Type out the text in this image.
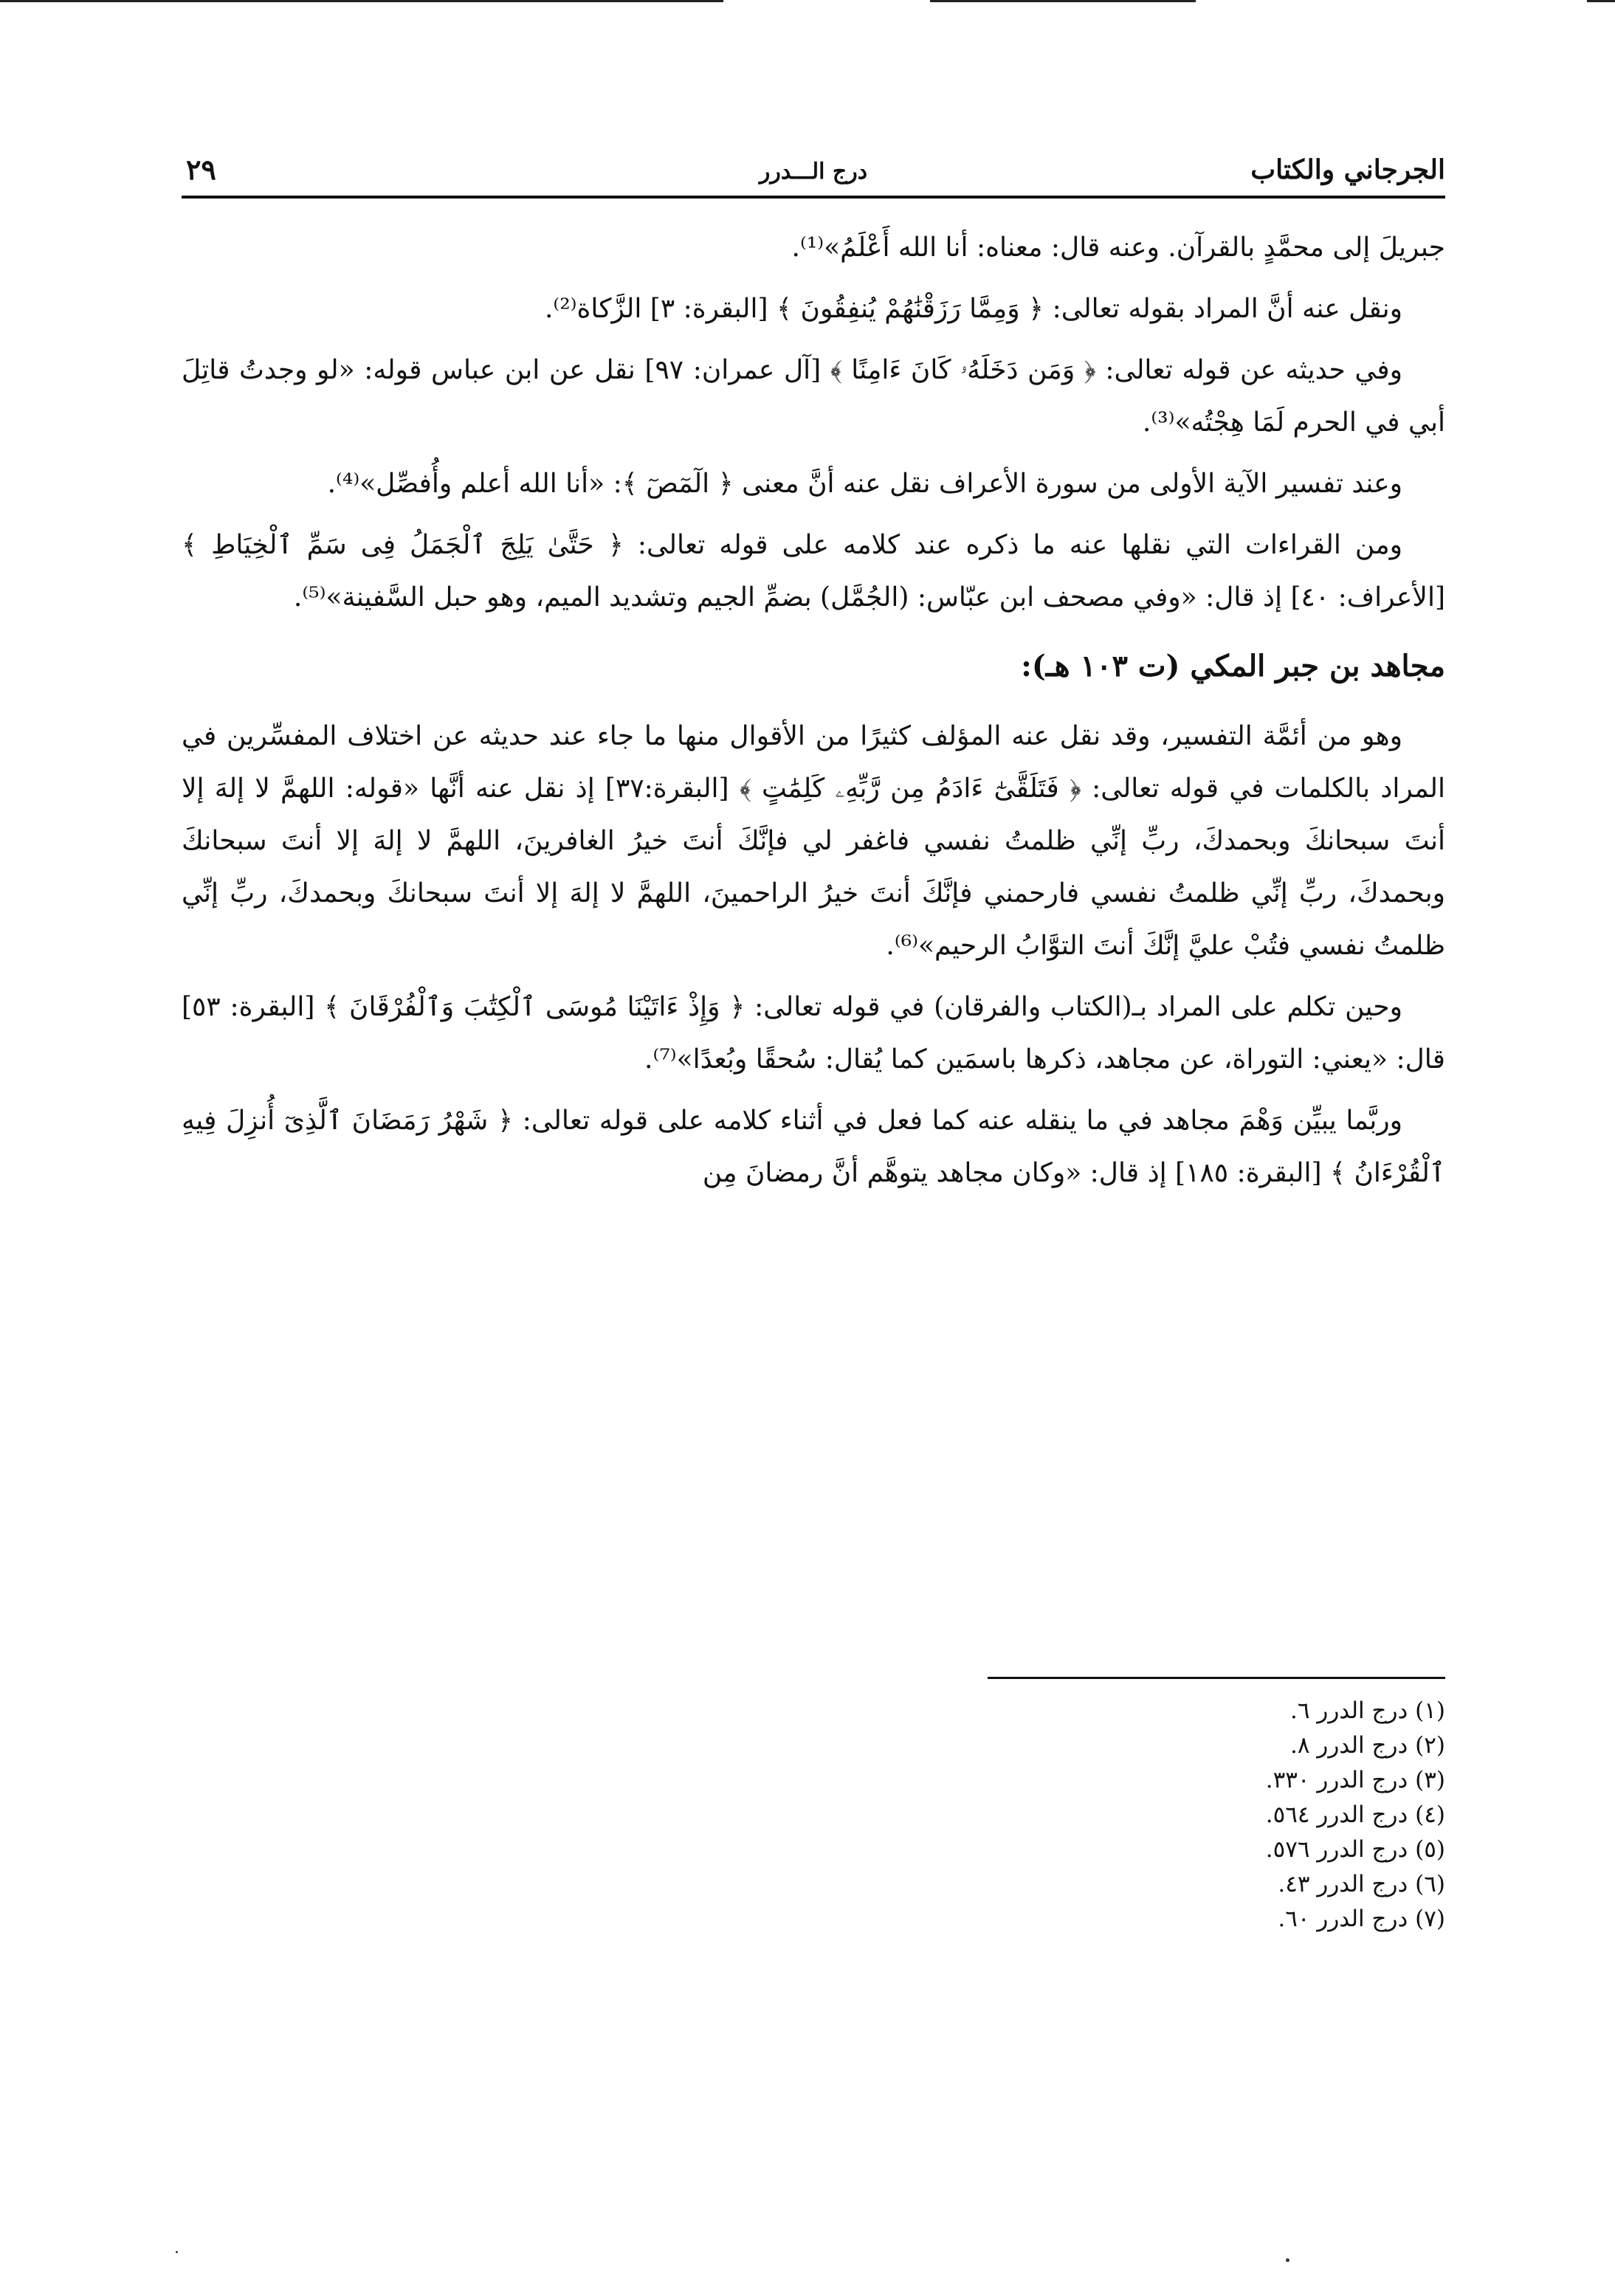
الجرجاني والكتاب
درج الـــدرر
٢٩

جبريلَ إلى محمَّدٍ بالقرآن. وعنه قال: معناه: أنا الله أَعْلَمُ»⁽¹⁾.

ونقل عنه أنَّ المراد بقوله تعالى: ﴿ وَمِمَّا رَزَقْنَٰهُمْ يُنفِقُونَ ﴾ [البقرة: ٣] الزَّكاة⁽²⁾.

وفي حديثه عن قوله تعالى: ﴿ وَمَن دَخَلَهُۥ كَانَ ءَامِنًا ﴾ [آل عمران: ٩٧] نقل عن ابن عباس قوله: «لو وجدتُ قاتِلَ أبي في الحرم لَمَا هِجْتُه»⁽³⁾.

وعند تفسير الآية الأولى من سورة الأعراف نقل عنه أنَّ معنى ﴿ الٓمٓصٓ ﴾: «أنا الله أعلم وأُفصِّل»⁽⁴⁾.

ومن القراءات التي نقلها عنه ما ذكره عند كلامه على قوله تعالى: ﴿ حَتَّىٰ يَلِجَ ٱلْجَمَلُ فِى سَمِّ ٱلْخِيَاطِ ﴾ [الأعراف: ٤٠] إذ قال: «وفي مصحف ابن عبّاس: (الجُمَّل) بضمِّ الجيم وتشديد الميم، وهو حبل السَّفينة»⁽⁵⁾.

مجاهد بن جبر المكي (ت ١٠٣ هـ):

وهو من أئمَّة التفسير، وقد نقل عنه المؤلف كثيرًا من الأقوال منها ما جاء عند حديثه عن اختلاف المفسِّرين في المراد بالكلمات في قوله تعالى: ﴿ فَتَلَقَّىٰٓ ءَادَمُ مِن رَّبِّهِۦ كَلِمَٰتٍ ﴾ [البقرة:٣٧] إذ نقل عنه أنَّها «قوله: اللهمَّ لا إلهَ إلا أنتَ سبحانكَ وبحمدكَ، ربِّ إنِّي ظلمتُ نفسي فاغفر لي فإنَّكَ أنتَ خيرُ الغافرينَ، اللهمَّ لا إلهَ إلا أنتَ سبحانكَ وبحمدكَ، ربِّ إنِّي ظلمتُ نفسي فارحمني فإنَّكَ أنتَ خيرُ الراحمينَ، اللهمَّ لا إلهَ إلا أنتَ سبحانكَ وبحمدكَ، ربِّ إنِّي ظلمتُ نفسي فتُبْ عليَّ إنَّكَ أنتَ التوَّابُ الرحيم»⁽⁶⁾.

وحين تكلم على المراد بـ(الكتاب والفرقان) في قوله تعالى: ﴿ وَإِذْ ءَاتَيْنَا مُوسَى ٱلْكِتَٰبَ وَٱلْفُرْقَانَ ﴾ [البقرة: ٥٣] قال: «يعني: التوراة، عن مجاهد، ذكرها باسمَين كما يُقال: سُحقًا وبُعدًا»⁽⁷⁾.

وربَّما يبيِّن وَهْمَ مجاهد في ما ينقله عنه كما فعل في أثناء كلامه على قوله تعالى: ﴿ شَهْرُ رَمَضَانَ ٱلَّذِىٓ أُنزِلَ فِيهِ ٱلْقُرْءَانُ ﴾ [البقرة: ١٨٥] إذ قال: «وكان مجاهد يتوهَّم أنَّ رمضانَ مِن

(١) درج الدرر ٦.
(٢) درج الدرر ٨.
(٣) درج الدرر ٣٣٠.
(٤) درج الدرر ٥٦٤.
(٥) درج الدرر ٥٧٦.
(٦) درج الدرر ٤٣.
(٧) درج الدرر ٦٠.
